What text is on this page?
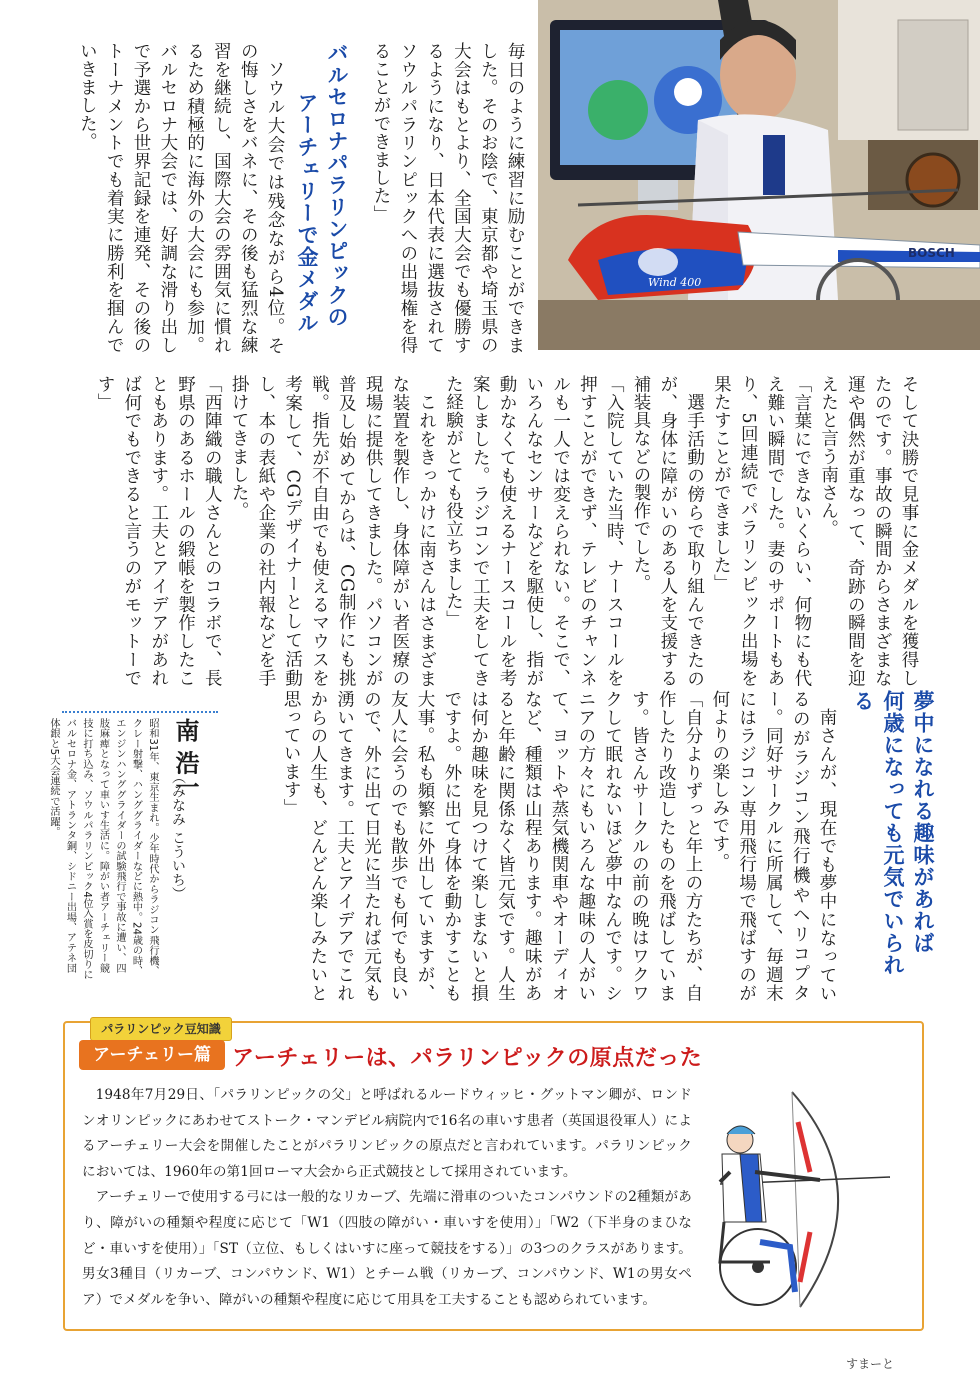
BOSCH
Wind 400

毎日のように練習に励むことができました。そのお陰で、東京都や埼玉県の大会はもとより、全国大会でも優勝するようになり、日本代表に選抜されてソウルパラリンピックへの出場権を得ることができました」

バルセロナパラリンピックの
アーチェリーで金メダル

ソウル大会では残念ながら4位。その悔しさをバネに、その後も猛烈な練習を継続し、国際大会の雰囲気に慣れるため積極的に海外の大会にも参加。バルセロナ大会では、好調な滑り出しで予選から世界記録を連発、その後のトーナメントでも着実に勝利を掴んでいきました。

そして決勝で見事に金メダルを獲得したのです。事故の瞬間からさまざまな運や偶然が重なって、奇跡の瞬間を迎えたと言う南さん。

「言葉にできないくらい、何物にも代え難い瞬間でした。妻のサポートもあり、5回連続でパラリンピック出場を果たすことができました」

選手活動の傍らで取り組んできたのが、身体に障がいのある人を支援する補装具などの製作でした。

「入院していた当時、ナースコールを押すことができず、テレビのチャンネルも一人では変えられない。そこで、いろんなセンサーなどを駆使し、指が動かなくても使えるナースコールを考案しました。ラジコンで工夫をしてきた経験がとても役立ちました」

これをきっかけに南さんはさまざまな装置を製作し、身体障がい者医療の現場に提供してきました。パソコンが普及し始めてからは、CG制作にも挑戦。指先が不自由でも使えるマウスを考案して、CGデザイナーとして活動し、本の表紙や企業の社内報などを手掛けてきました。

「西陣織の職人さんとのコラボで、長野県のあるホールの緞帳を製作したこともあります。工夫とアイデアがあれば何でもできると言うのがモットーです」

夢中になれる趣味があれば
何歳になっても元気でいられる

南さんが、現在でも夢中になっているのがラジコン飛行機やヘリコプター。同好サークルに所属して、毎週末にはラジコン専用飛行場で飛ばすのが何よりの楽しみです。

「自分よりずっと年上の方たちが、自作したり改造したものを飛ばしています。皆さんサークルの前の晩はワクワクして眠れないほど夢中なんです。シニアの方々にもいろんな趣味の人がいて、ヨットや蒸気機関車やオーディオなど、種類は山程あります。趣味があると年齢に関係なく皆元気です。人生は何か趣味を見つけて楽しまないと損ですよ。外に出て身体を動かすことも大事。私も頻繁に外出していますが、友人に会うのでも散歩でも何でも良いので、外に出て日光に当たれば元気も湧いてきます。工夫とアイデアでこれからの人生も、どんどん楽しみたいと思っています」

南 浩一
（みなみ こういち）
昭和31年、東京生まれ。少年時代からラジコン飛行機、クレー射撃、ハンググライダーなどに熱中。24歳の時、エンジンハンググライダーの試験飛行で事故に遭い、四肢麻痺となって車いす生活に。障がい者アーチェリー競技に打ち込み、ソウルパラリンピック4位入賞を皮切りにバルセロナ金、アトランタ銅、シドニー出場、アテネ団体銀と5大会連続で活躍。
パラリンピック豆知識
アーチェリー篇 アーチェリーは、パラリンピックの原点だった

1948年7月29日、「パラリンピックの父」と呼ばれるルードウィッヒ・グットマン卿が、ロンドンオリンピックにあわせてストーク・マンデビル病院内で16名の車いす患者（英国退役軍人）によるアーチェリー大会を開催したことがパラリンピックの原点だと言われています。パラリンピックにおいては、1960年の第1回ローマ大会から正式競技として採用されています。

アーチェリーで使用する弓には一般的なリカーブ、先端に滑車のついたコンパウンドの2種類があり、障がいの種類や程度に応じて「W1（四肢の障がい・車いすを使用）」「W2（下半身のまひなど・車いすを使用）」「ST（立位、もしくはいすに座って競技をする）」の3つのクラスがあります。男女3種目（リカーブ、コンパウンド、W1）とチーム戦（リカーブ、コンパウンド、W1の男女ペア）でメダルを争い、障がいの種類や程度に応じて用具を工夫することも認められています。

すまーと
